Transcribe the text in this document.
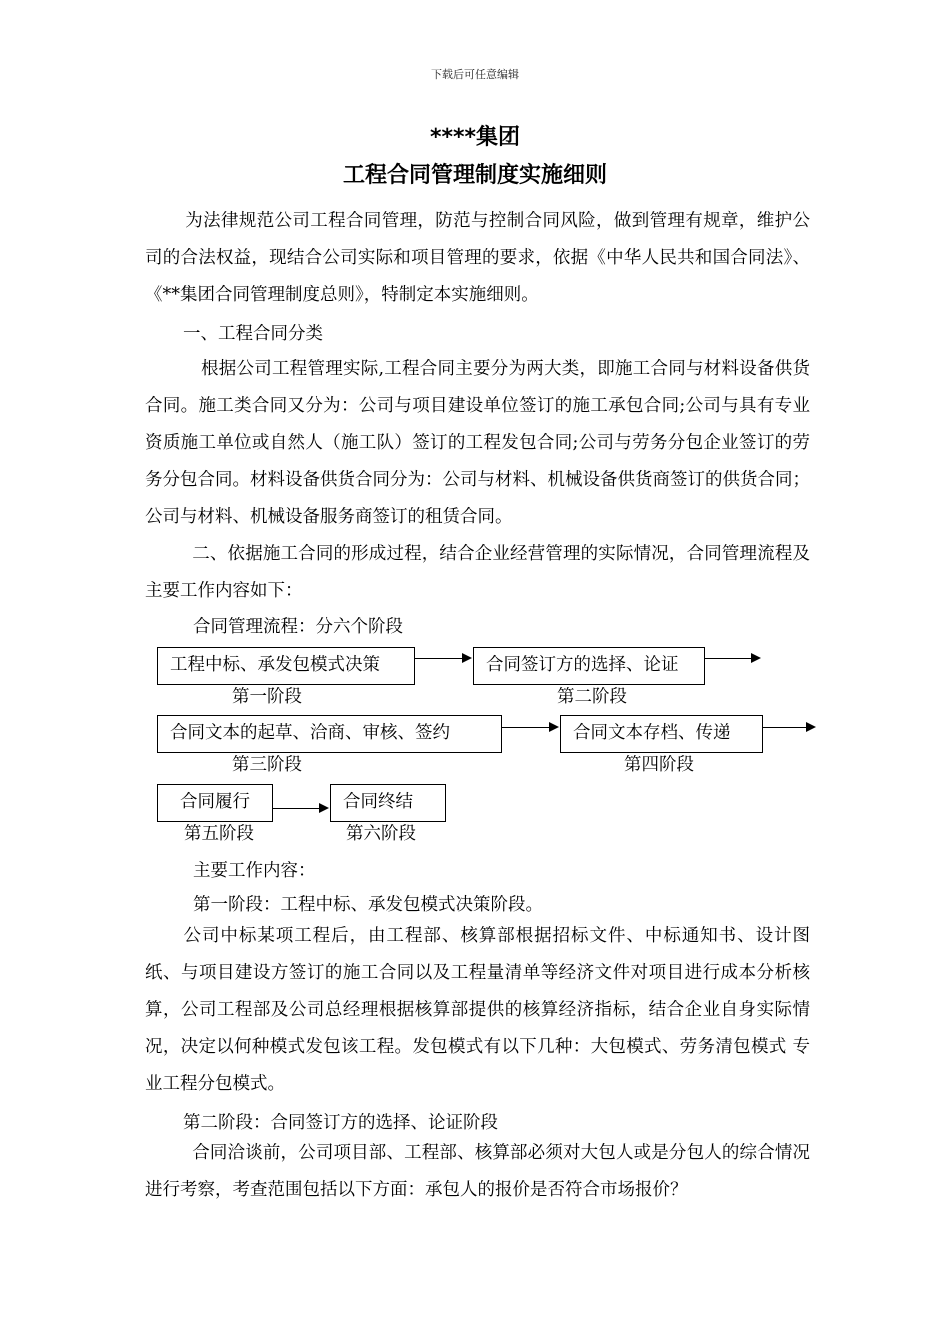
下载后可任意编辑
****集团
工程合同管理制度实施细则
为法律规范公司工程合同管理，防范与控制合同风险，做到管理有规章，维护公司的合法权益，现结合公司实际和项目管理的要求，依据《中华人民共和国合同法》、《**集团合同管理制度总则》，特制定本实施细则。
一、工程合同分类
根据公司工程管理实际,工程合同主要分为两大类，即施工合同与材料设备供货合同。施工类合同又分为：公司与项目建设单位签订的施工承包合同;公司与具有专业资质施工单位或自然人（施工队）签订的工程发包合同;公司与劳务分包企业签订的劳务分包合同。材料设备供货合同分为：公司与材料、机械设备供货商签订的供货合同；公司与材料、机械设备服务商签订的租赁合同。
二、依据施工合同的形成过程，结合企业经营管理的实际情况，合同管理流程及主要工作内容如下：
合同管理流程：分六个阶段
工程中标、承发包模式决策
第一阶段
合同签订方的选择、论证
第二阶段
合同文本的起草、洽商、审核、签约
第三阶段
合同文本存档、传递
第四阶段
合同履行
第五阶段
合同终结
第六阶段
主要工作内容：
第一阶段：工程中标、承发包模式决策阶段。
公司中标某项工程后，由工程部、核算部根据招标文件、中标通知书、设计图纸、与项目建设方签订的施工合同以及工程量清单等经济文件对项目进行成本分析核算，公司工程部及公司总经理根据核算部提供的核算经济指标，结合企业自身实际情况，决定以何种模式发包该工程。发包模式有以下几种：大包模式、劳务清包模式 专业工程分包模式。
第二阶段：合同签订方的选择、论证阶段
合同洽谈前，公司项目部、工程部、核算部必须对大包人或是分包人的综合情况进行考察，考查范围包括以下方面：承包人的报价是否符合市场报价？
